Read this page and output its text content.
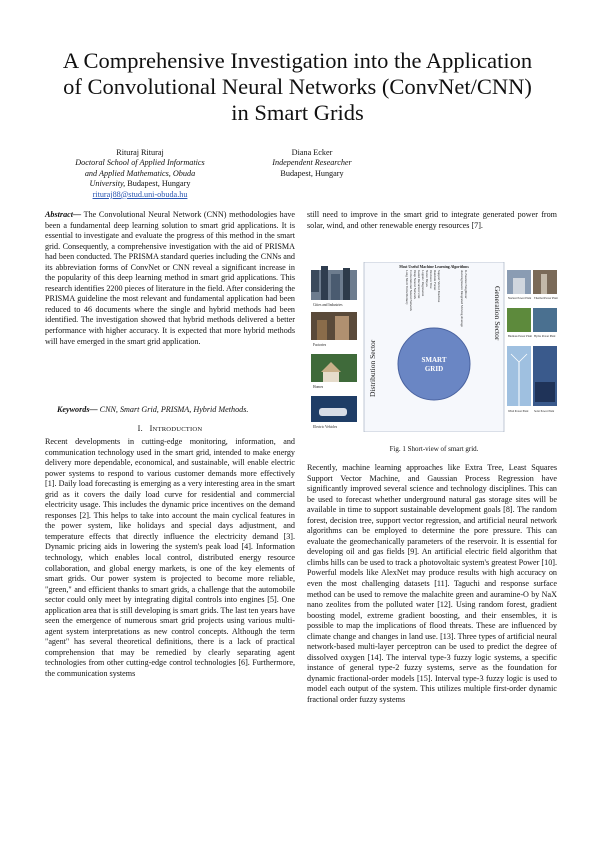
A Comprehensive Investigation into the Application
of Convolutional Neural Networks (ConvNet/CNN)
in Smart Grids
Rituraj Rituraj
Doctoral School of Applied Informatics
and Applied Mathematics, Obuda
University, Budapest, Hungary
rituraj88@stud.uni-obuda.hu
Diana Ecker
Independent Researcher
Budapest, Hungary
Abstract— The Convolutional Neural Network (CNN) methodologies have been a fundamental deep learning solution to smart grid applications. It is essential to investigate and evaluate the progress of this method in the smart grid. Consequently, a comprehensive investigation with the aid of PRISMA had been conducted. The PRISMA standard queries including the CNNs and its abbreviation forms of ConvNet or CNN reveal a significant increase in the popularity of this deep learning method in smart grid applications. This research identifies 2200 pieces of literature in the field. After considering the PRISMA guideline the most relevant and fundamental application had been reduced to 46 documents where the single and hybrid methods had been identified. The investigation showed that hybrid methods delivered a better performance with higher accuracy. It is expected that more hybrid methods will have emerged in the smart grid application.
Keywords— CNN, Smart Grid, PRISMA, Hybrid Methods.
I. INTRODUCTION
Recent developments in cutting-edge monitoring, information, and communication technology used in the smart grid, intended to make energy delivery more dependable, economical, and sustainable, will enable electric power systems to respond to various customer demands more effectively [1]. Daily load forecasting is emerging as a very interesting area in the smart grid as it covers the daily load curve for residential and commercial electricity usage. This includes the dynamic price incentives on the demand responses [2]. This helps to take into account the main cyclical features in the power system, like holidays and special days adjustment, and temperature effects that directly influence the electricity demand [3]. Dynamic pricing aids in lowering the system's peak load [4]. Information technology, which enables local control, distributed energy resource collaboration, and global energy markets, is one of the key elements of smart grids. Our power system is projected to become more reliable, "green," and efficient thanks to smart grids, a challenge that the automobile sector could only meet by integrating digital controls into engines [5]. One application area that is still developing is smart grids. The last ten years have seen the emergence of numerous smart grid projects using various multi-agent system interpretations as new control concepts. Although the term "agent" has several theoretical definitions, there is a lack of practical comprehension that may be remedied by clearly separating agent technologies from other cutting-edge control technologies [6]. Furthermore, the communication systems
still need to improve in the smart grid to integrate generated power from solar, wind, and other renewable energy resources [7].
Most Useful Machine Learning Algorithms
Cities and Industries
Factories
Homes
Electric Vehicles
Distribution Sector
Long Short Term Memory Convolutional Neural Network Deep Neural Network Gated Recurrent Unit Logistic Regression Naive Bayes Decision Tree Random Forest Support Vector Machine	Autoregressive Integrated Moving Average K-Nearest Neighbour
SMART
GRID
Generation Sector Nuclear Power Plant Thermal Power Plant
Biomass Power Plant Hydro Power Plant
Wind Power Plant Solar Power Plant
Fig. 1 Short-view of smart grid.
Recently, machine learning approaches like Extra Tree, Least Squares Support Vector Machine, and Gaussian Process Regression have significantly improved several science and technology disciplines. This can be used to forecast whether underground natural gas storage sites will be available in time to support sustainable development goals [8]. The random forest, decision tree, support vector regression, and artificial neural network algorithms can be employed to determine the pore pressure. This can evaluate the geomechanically parameters of the reservoir. It is essential for developing oil and gas fields [9]. An artificial electric field algorithm that climbs hills can be used to track a photovoltaic system's greatest Power [10]. Powerful models like AlexNet may produce results with high accuracy on even the most challenging datasets [11]. Taguchi and response surface method can be used to remove the malachite green and auramine-O by NaX nano zeolites from the polluted water [12]. Using random forest, gradient boosting model, extreme gradient boosting, and their ensembles, it is possible to map the implications of flood threats. These are influenced by climate change and changes in land use. [13]. Three types of artificial neural network-based multi-layer perceptron can be used to predict the degree of dissolved oxygen [14]. The interval type-3 fuzzy logic systems, a specific instance of general type-2 fuzzy systems, serve as the foundation for dynamic fractional-order models [15]. Interval type-3 fuzzy logic is used to model each output of the system. This utilizes multiple first-order dynamic fractional order fuzzy systems
